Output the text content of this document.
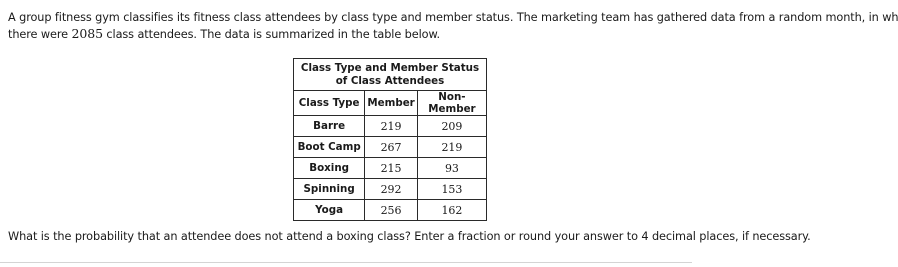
A group fitness gym classifies its fitness class attendees by class type and member status. The marketing team has gathered data from a random month, in wh
there were 2085 class attendees. The data is summarized in the table below.
Class Type and Member Status of Class Attendees		
Class Type	Member	Non-Member
Barre	219	209
Boot Camp	267	219
Boxing	215	93
Spinning	292	153
Yoga	256	162
What is the probability that an attendee does not attend a boxing class? Enter a fraction or round your answer to 4 decimal places, if necessary.
